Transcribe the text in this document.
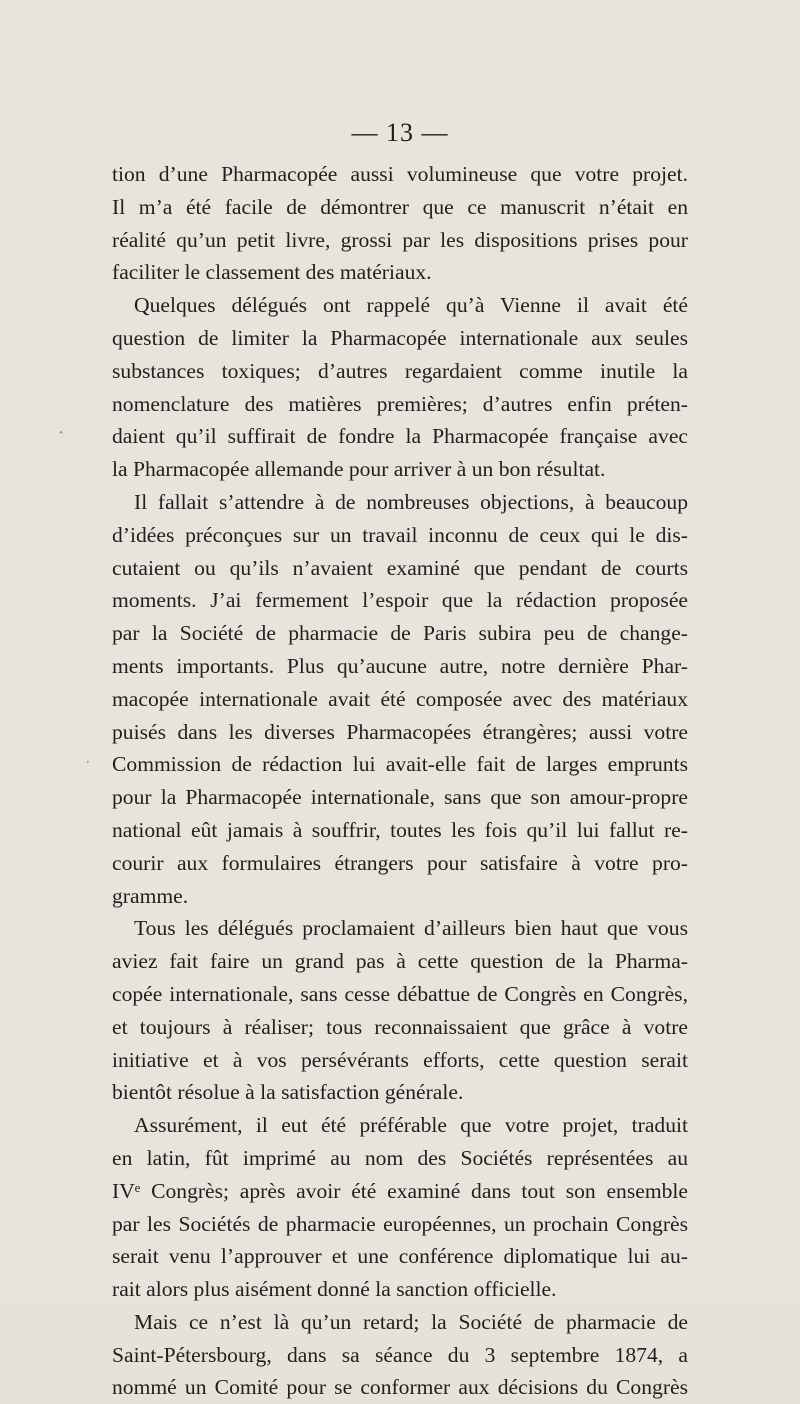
— 13 —
tion d’une Pharmacopée aussi volumineuse que votre projet.
Il m’a été facile de démontrer que ce manuscrit n’était en
réalité qu’un petit livre, grossi par les dispositions prises pour
faciliter le classement des matériaux.
Quelques délégués ont rappelé qu’à Vienne il avait été
question de limiter la Pharmacopée internationale aux seules
substances toxiques; d’autres regardaient comme inutile la
nomenclature des matières premières; d’autres enfin préten-
daient qu’il suffirait de fondre la Pharmacopée française avec
la Pharmacopée allemande pour arriver à un bon résultat.
Il fallait s’attendre à de nombreuses objections, à beaucoup
d’idées préconçues sur un travail inconnu de ceux qui le dis-
cutaient ou qu’ils n’avaient examiné que pendant de courts
moments. J’ai fermement l’espoir que la rédaction proposée
par la Société de pharmacie de Paris subira peu de change-
ments importants. Plus qu’aucune autre, notre dernière Phar-
macopée internationale avait été composée avec des matériaux
puisés dans les diverses Pharmacopées étrangères; aussi votre
Commission de rédaction lui avait-elle fait de larges emprunts
pour la Pharmacopée internationale, sans que son amour-propre
national eût jamais à souffrir, toutes les fois qu’il lui fallut re-
courir aux formulaires étrangers pour satisfaire à votre pro-
gramme.
Tous les délégués proclamaient d’ailleurs bien haut que vous
aviez fait faire un grand pas à cette question de la Pharma-
copée internationale, sans cesse débattue de Congrès en Congrès,
et toujours à réaliser; tous reconnaissaient que grâce à votre
initiative et à vos persévérants efforts, cette question serait
bientôt résolue à la satisfaction générale.
Assurément, il eut été préférable que votre projet, traduit
en latin, fût imprimé au nom des Sociétés représentées au
IVᵉ Congrès; après avoir été examiné dans tout son ensemble
par les Sociétés de pharmacie européennes, un prochain Congrès
serait venu l’approuver et une conférence diplomatique lui au-
rait alors plus aisément donné la sanction officielle.
Mais ce n’est là qu’un retard; la Société de pharmacie de
Saint-Pétersbourg, dans sa séance du 3 septembre 1874, a
nommé un Comité pour se conformer aux décisions du Congrès
ˆ
·
